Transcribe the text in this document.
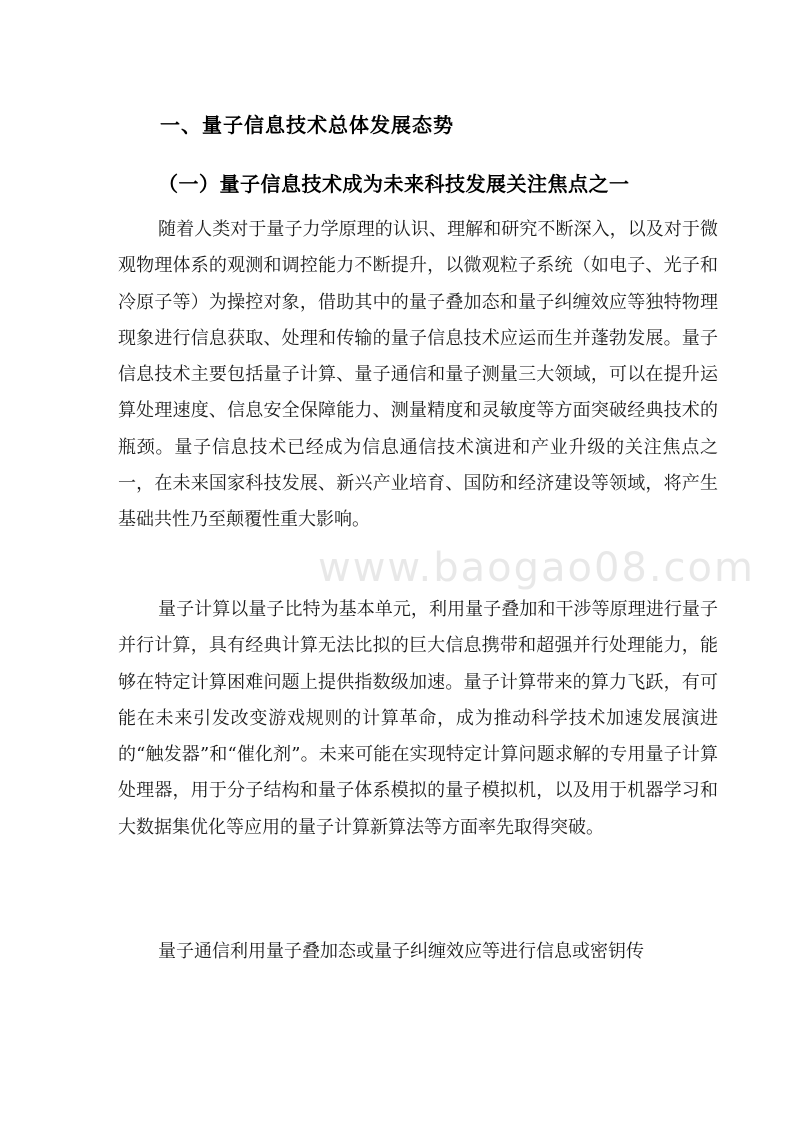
一、量子信息技术总体发展态势
（一）量子信息技术成为未来科技发展关注焦点之一

随着人类对于量子力学原理的认识、理解和研究不断深入，以及对于微观物理体系的观测和调控能力不断提升，以微观粒子系统（如电子、光子和冷原子等）为操控对象，借助其中的量子叠加态和量子纠缠效应等独特物理现象进行信息获取、处理和传输的量子信息技术应运而生并蓬勃发展。量子信息技术主要包括量子计算、量子通信和量子测量三大领域，可以在提升运算处理速度、信息安全保障能力、测量精度和灵敏度等方面突破经典技术的瓶颈。量子信息技术已经成为信息通信技术演进和产业升级的关注焦点之一，在未来国家科技发展、新兴产业培育、国防和经济建设等领域，将产生基础共性乃至颠覆性重大影响。

量子计算以量子比特为基本单元，利用量子叠加和干涉等原理进行量子并行计算，具有经典计算无法比拟的巨大信息携带和超强并行处理能力，能够在特定计算困难问题上提供指数级加速。量子计算带来的算力飞跃，有可能在未来引发改变游戏规则的计算革命，成为推动科学技术加速发展演进的“触发器”和“催化剂”。未来可能在实现特定计算问题求解的专用量子计算处理器，用于分子结构和量子体系模拟的量子模拟机，以及用于机器学习和大数据集优化等应用的量子计算新算法等方面率先取得突破。

量子通信利用量子叠加态或量子纠缠效应等进行信息或密钥传

www.baogao08.com
